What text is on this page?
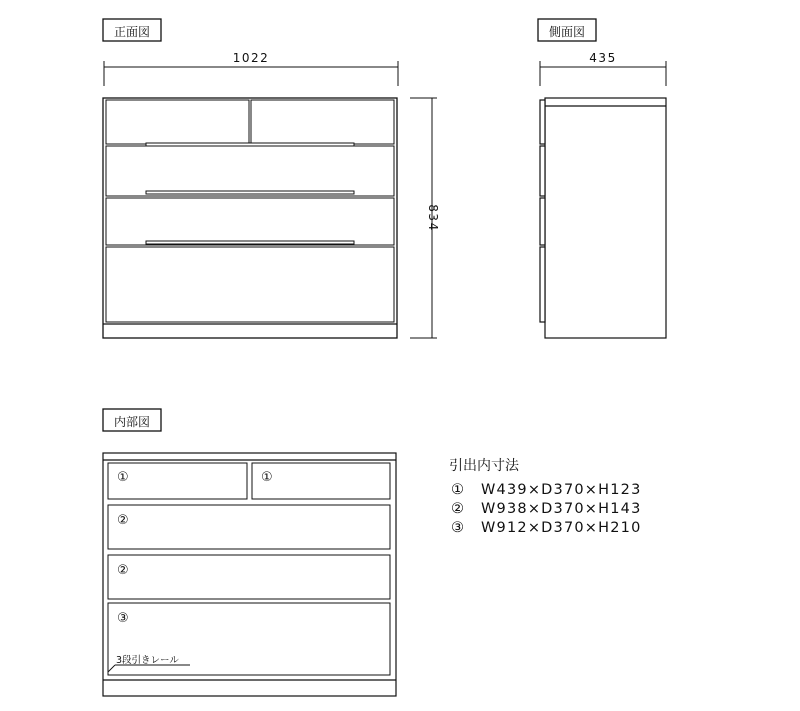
正面図
1022
834
側面図
435
内部図
①	①
②
②
③
3段引きレール
引出内寸法
① W439×D370×H123
② W938×D370×H143
③ W912×D370×H210
